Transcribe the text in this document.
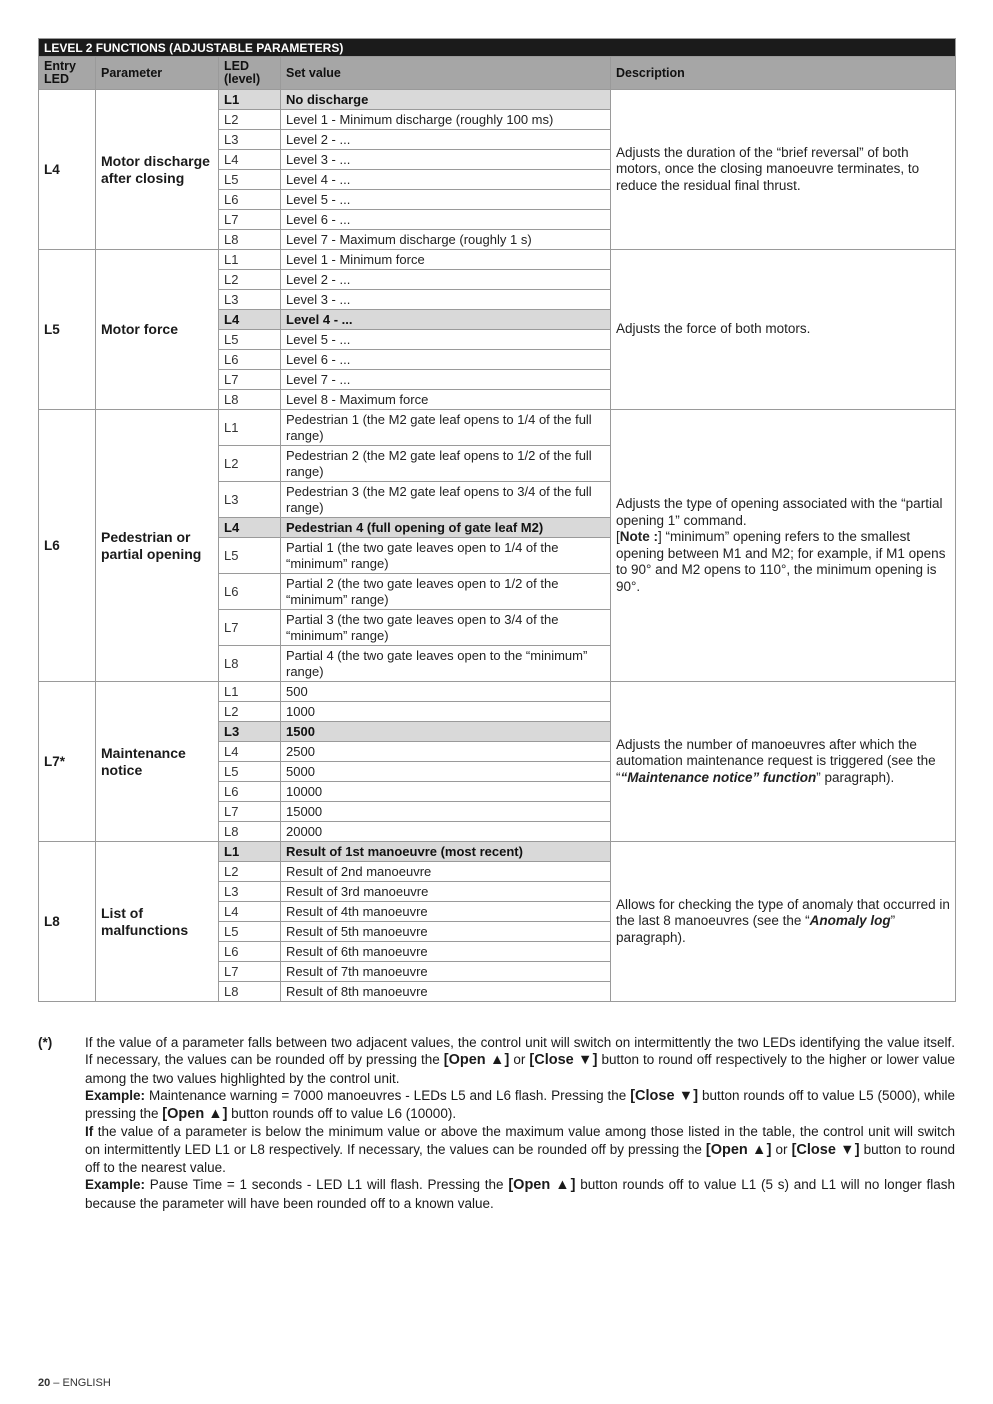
LEVEL 2 FUNCTIONS (ADJUSTABLE PARAMETERS)				
Entry
LED	Parameter	LED
(level)	Set value	Description
L4	Motor discharge
after closing	L1	No discharge	Adjusts the duration of the “brief reversal” of both motors, once the closing manoeuvre terminates, to reduce the residual final thrust.
		L2	Level 1 - Minimum discharge (roughly 100 ms)	
		L3	Level 2 - ...	
		L4	Level 3 - ...	
		L5	Level 4 - ...	
		L6	Level 5 - ...	
		L7	Level 6 - ...	
		L8	Level 7 - Maximum discharge (roughly 1 s)	
L5	Motor force	L1	Level 1 - Minimum force	Adjusts the force of both motors.
		L2	Level 2 - ...	
		L3	Level 3 - ...	
		L4	Level 4 - ...	
		L5	Level 5 - ...	
		L6	Level 6 - ...	
		L7	Level 7 - ...	
		L8	Level 8 - Maximum force	
L6	Pedestrian or
partial opening	L1	Pedestrian 1 (the M2 gate leaf opens to 1/4 of the full range)	Adjusts the type of opening associated with the “partial opening 1” command.
[Note :] “minimum” opening refers to the smallest opening between M1 and M2; for example, if M1 opens to 90° and M2 opens to 110°, the minimum opening is 90°.
		L2	Pedestrian 2 (the M2 gate leaf opens to 1/2 of the full range)	
		L3	Pedestrian 3 (the M2 gate leaf opens to 3/4 of the full range)	
		L4	Pedestrian 4 (full opening of gate leaf M2)	
		L5	Partial 1 (the two gate leaves open to 1/4 of the “minimum” range)	
		L6	Partial 2 (the two gate leaves open to 1/2 of the “minimum” range)	
		L7	Partial 3 (the two gate leaves open to 3/4 of the “minimum” range)	
		L8	Partial 4 (the two gate leaves open to the “minimum” range)	
L7*	Maintenance
notice	L1	500	Adjusts the number of manoeuvres after which the automation maintenance request is triggered (see the ““Maintenance notice” function” paragraph).
		L2	1000	
		L3	1500	
		L4	2500	
		L5	5000	
		L6	10000	
		L7	15000	
		L8	20000	
L8	List of
malfunctions	L1	Result of 1st manoeuvre (most recent)	Allows for checking the type of anomaly that occurred in the last 8 manoeuvres (see the “Anomaly log” paragraph).
		L2	Result of 2nd manoeuvre	
		L3	Result of 3rd manoeuvre	
		L4	Result of 4th manoeuvre	
		L5	Result of 5th manoeuvre	
		L6	Result of 6th manoeuvre	
		L7	Result of 7th manoeuvre	
		L8	Result of 8th manoeuvre	
(*) If the value of a parameter falls between two adjacent values, the control unit will switch on intermittently the two LEDs identifying the value itself. If necessary, the values can be rounded off by pressing the [Open ▲] or [Close ▼] button to round off respectively to the higher or lower value among the two values highlighted by the control unit.

Example: Maintenance warning = 7000 manoeuvres - LEDs L5 and L6 flash. Pressing the [Close ▼] button rounds off to value L5 (5000), while pressing the [Open ▲] button rounds off to value L6 (10000).

If the value of a parameter is below the minimum value or above the maximum value among those listed in the table, the control unit will switch on intermittently LED L1 or L8 respectively. If necessary, the values can be rounded off by pressing the [Open ▲] or [Close ▼] button to round off to the nearest value.

Example: Pause Time = 1 seconds - LED L1 will flash. Pressing the [Open ▲] button rounds off to value L1 (5 s) and L1 will no longer flash because the parameter will have been rounded off to a known value.

20 – ENGLISH
